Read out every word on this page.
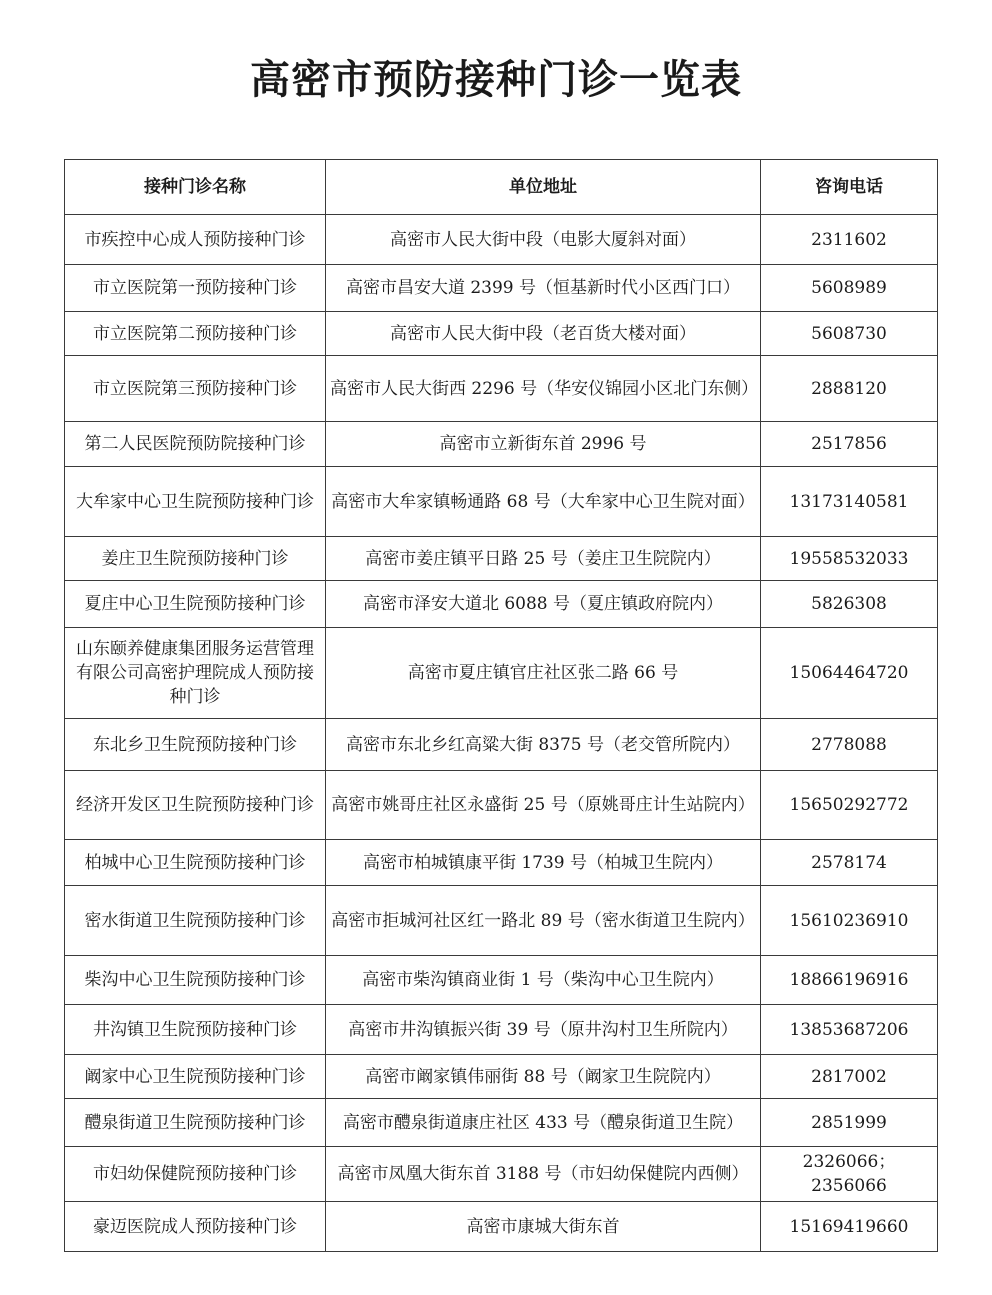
高密市预防接种门诊一览表
接种门诊名称	单位地址	咨询电话
市疾控中心成人预防接种门诊	高密市人民大街中段（电影大厦斜对面）	2311602
市立医院第一预防接种门诊	高密市昌安大道 2399 号（恒基新时代小区西门口）	5608989
市立医院第二预防接种门诊	高密市人民大街中段（老百货大楼对面）	5608730
市立医院第三预防接种门诊	高密市人民大街西 2296 号（华安仪锦园小区北门东侧）	2888120
第二人民医院预防院接种门诊	高密市立新街东首 2996 号	2517856
大牟家中心卫生院预防接种门诊	高密市大牟家镇畅通路 68 号（大牟家中心卫生院对面）	13173140581
姜庄卫生院预防接种门诊	高密市姜庄镇平日路 25 号（姜庄卫生院院内）	19558532033
夏庄中心卫生院预防接种门诊	高密市泽安大道北 6088 号（夏庄镇政府院内）	5826308
山东颐养健康集团服务运营管理有限公司高密护理院成人预防接种门诊	高密市夏庄镇官庄社区张二路 66 号	15064464720
东北乡卫生院预防接种门诊	高密市东北乡红高粱大街 8375 号（老交管所院内）	2778088
经济开发区卫生院预防接种门诊	高密市姚哥庄社区永盛街 25 号（原姚哥庄计生站院内）	15650292772
柏城中心卫生院预防接种门诊	高密市柏城镇康平街 1739 号（柏城卫生院内）	2578174
密水街道卫生院预防接种门诊	高密市拒城河社区红一路北 89 号（密水街道卫生院内）	15610236910
柴沟中心卫生院预防接种门诊	高密市柴沟镇商业街 1 号（柴沟中心卫生院内）	18866196916
井沟镇卫生院预防接种门诊	高密市井沟镇振兴街 39 号（原井沟村卫生所院内）	13853687206
阚家中心卫生院预防接种门诊	高密市阚家镇伟丽街 88 号（阚家卫生院院内）	2817002
醴泉街道卫生院预防接种门诊	高密市醴泉街道康庄社区 433 号（醴泉街道卫生院）	2851999
市妇幼保健院预防接种门诊	高密市凤凰大街东首 3188 号（市妇幼保健院内西侧）	2326066；2356066
豪迈医院成人预防接种门诊	高密市康城大街东首	15169419660
